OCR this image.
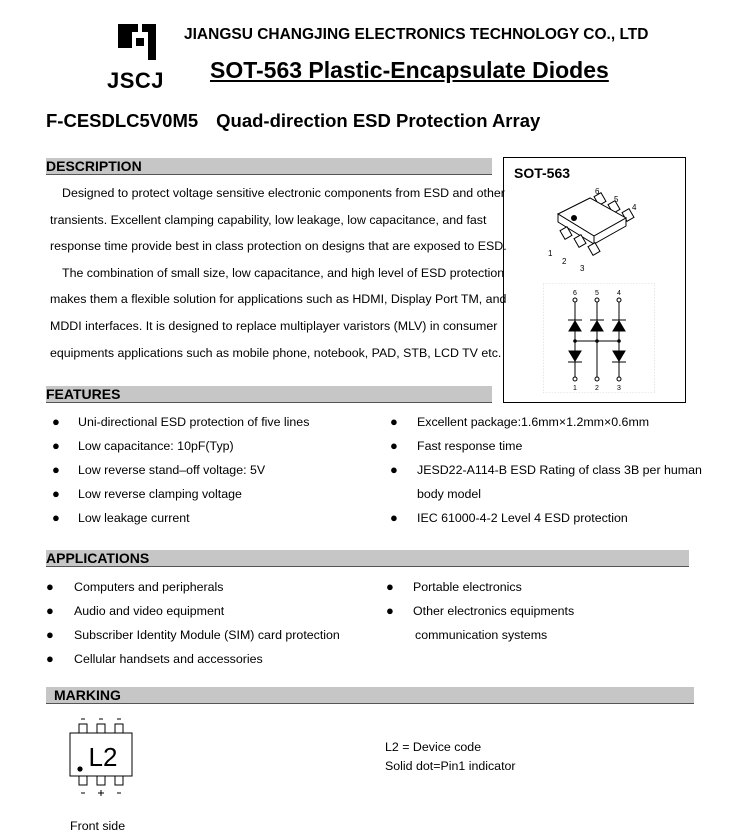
JSCJ
JIANGSU CHANGJING ELECTRONICS TECHNOLOGY CO., LTD
SOT-563 Plastic-Encapsulate Diodes
F-CESDLC5V0M5 Quad-direction ESD Protection Array
DESCRIPTION
Designed to protect voltage sensitive electronic components from ESD and other
transients. Excellent clamping capability, low leakage, low capacitance, and fast
response time provide best in class protection on designs that are exposed to ESD.
The combination of small size, low capacitance, and high level of ESD protection
makes them a flexible solution for applications such as HDMI, Display Port TM, and
MDDI interfaces. It is designed to replace multiplayer varistors (MLV) in consumer
equipments applications such as mobile phone, notebook, PAD, STB, LCD TV etc.
SOT-563
6
5
4
1
2
3
6	5	4
1	2	3
FEATURES
● Uni-directional ESD protection of five lines
● Low capacitance: 10pF(Typ)
● Low reverse stand–off voltage: 5V
● Low reverse clamping voltage
● Low leakage current
● Excellent package:1.6mm×1.2mm×0.6mm
● Fast response time
● JESD22-A114-B ESD Rating of class 3B per human
body model
● IEC 61000-4-2 Level 4 ESD protection
APPLICATIONS
● Computers and peripherals
● Audio and video equipment
● Subscriber Identity Module (SIM) card protection
● Cellular handsets and accessories
● Portable electronics
● Other electronics equipments
communication systems
MARKING
L2	L2 = Device code
Solid dot=Pin1 indicator
Front side
